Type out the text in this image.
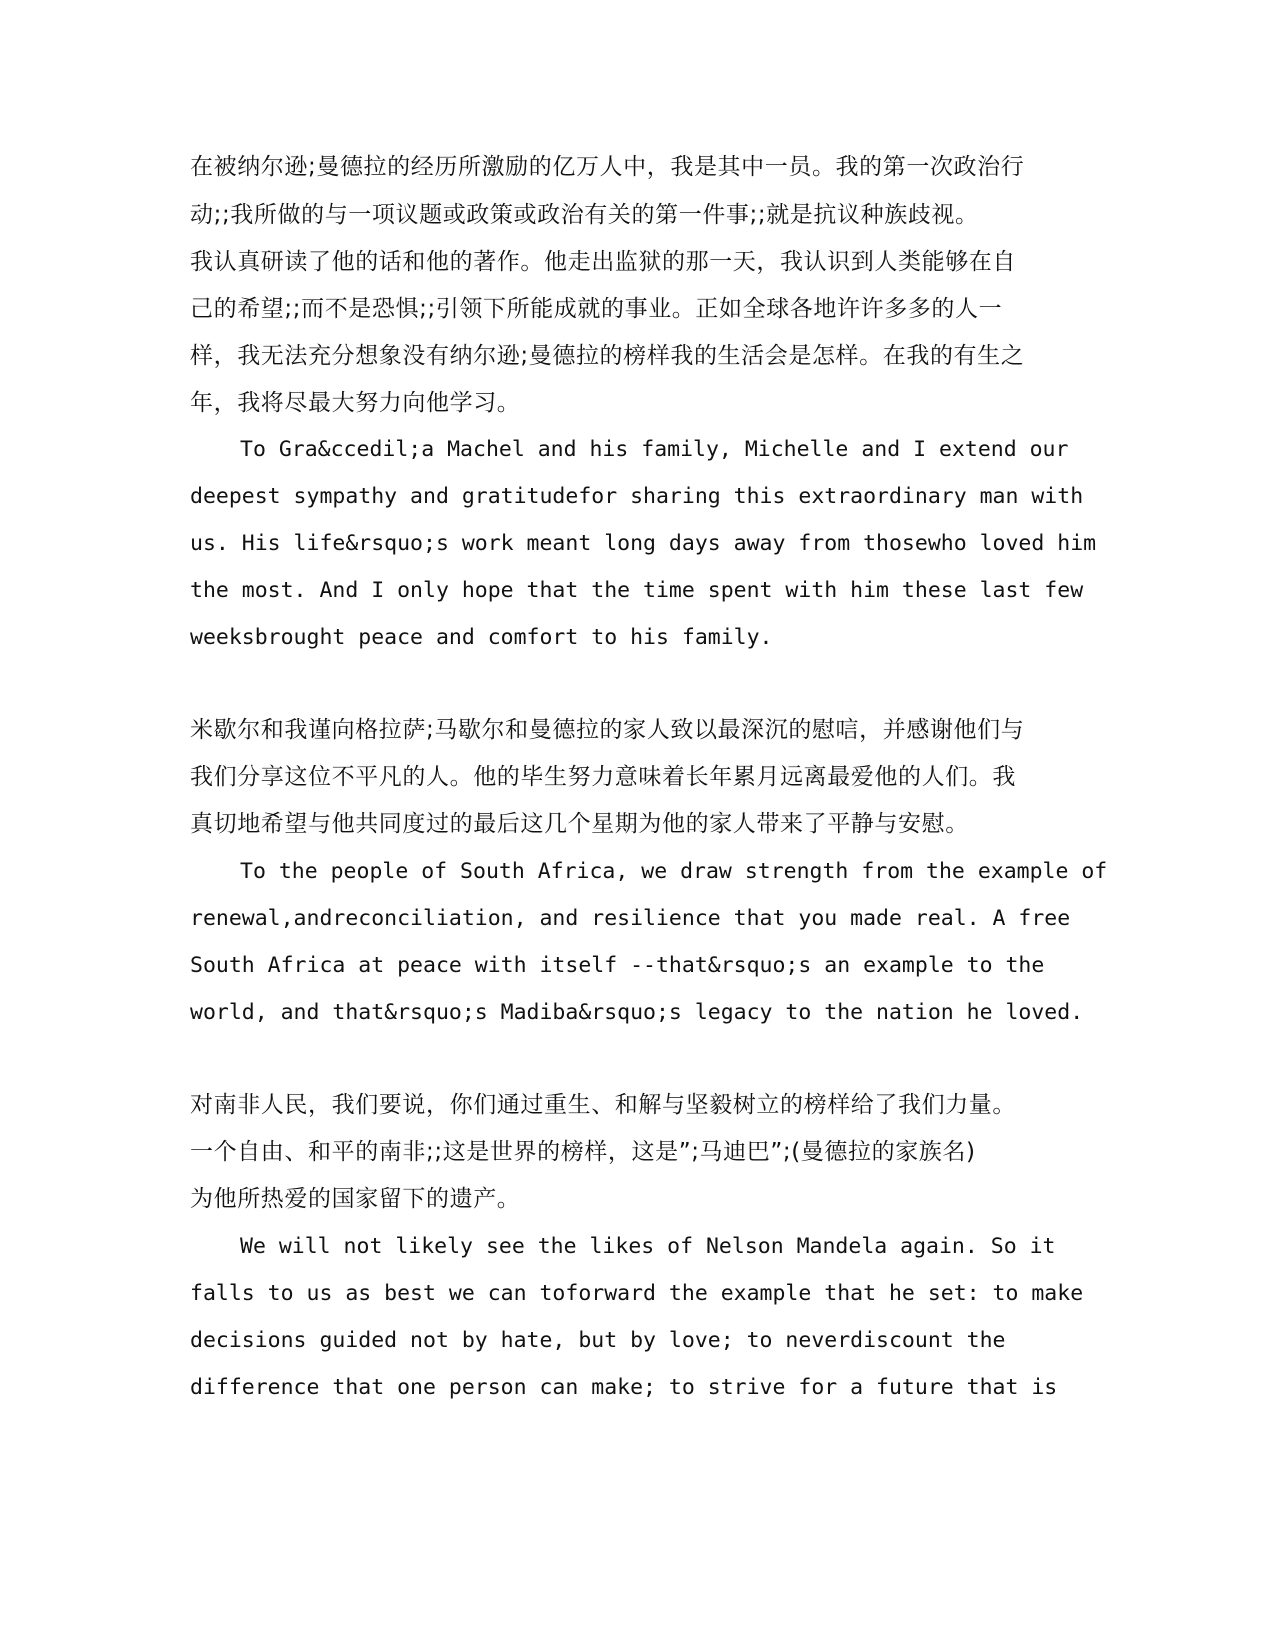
在被纳尔逊;曼德拉的经历所激励的亿万人中，我是其中一员。我的第一次政治行
动;;我所做的与一项议题或政策或政治有关的第一件事;;就是抗议种族歧视。
我认真研读了他的话和他的著作。他走出监狱的那一天，我认识到人类能够在自
己的希望;;而不是恐惧;;引领下所能成就的事业。正如全球各地许许多多的人一
样，我无法充分想象没有纳尔逊;曼德拉的榜样我的生活会是怎样。在我的有生之
年，我将尽最大努力向他学习。
To Gra&ccedil;a Machel and his family, Michelle and I extend our
deepest sympathy and gratitudefor sharing this extraordinary man with
us. His life&rsquo;s work meant long days away from thosewho loved him
the most. And I only hope that the time spent with him these last few
weeksbrought peace and comfort to his family.
米歇尔和我谨向格拉萨;马歇尔和曼德拉的家人致以最深沉的慰唁，并感谢他们与
我们分享这位不平凡的人。他的毕生努力意味着长年累月远离最爱他的人们。我
真切地希望与他共同度过的最后这几个星期为他的家人带来了平静与安慰。
To the people of South Africa, we draw strength from the example of
renewal,andreconciliation, and resilience that you made real. A free
South Africa at peace with itself --that&rsquo;s an example to the
world, and that&rsquo;s Madiba&rsquo;s legacy to the nation he loved.
对南非人民，我们要说，你们通过重生、和解与坚毅树立的榜样给了我们力量。
一个自由、和平的南非;;这是世界的榜样，这是”;马迪巴”;(曼德拉的家族名)
为他所热爱的国家留下的遗产。
We will not likely see the likes of Nelson Mandela again. So it
falls to us as best we can toforward the example that he set: to make
decisions guided not by hate, but by love; to neverdiscount the
difference that one person can make; to strive for a future that is
